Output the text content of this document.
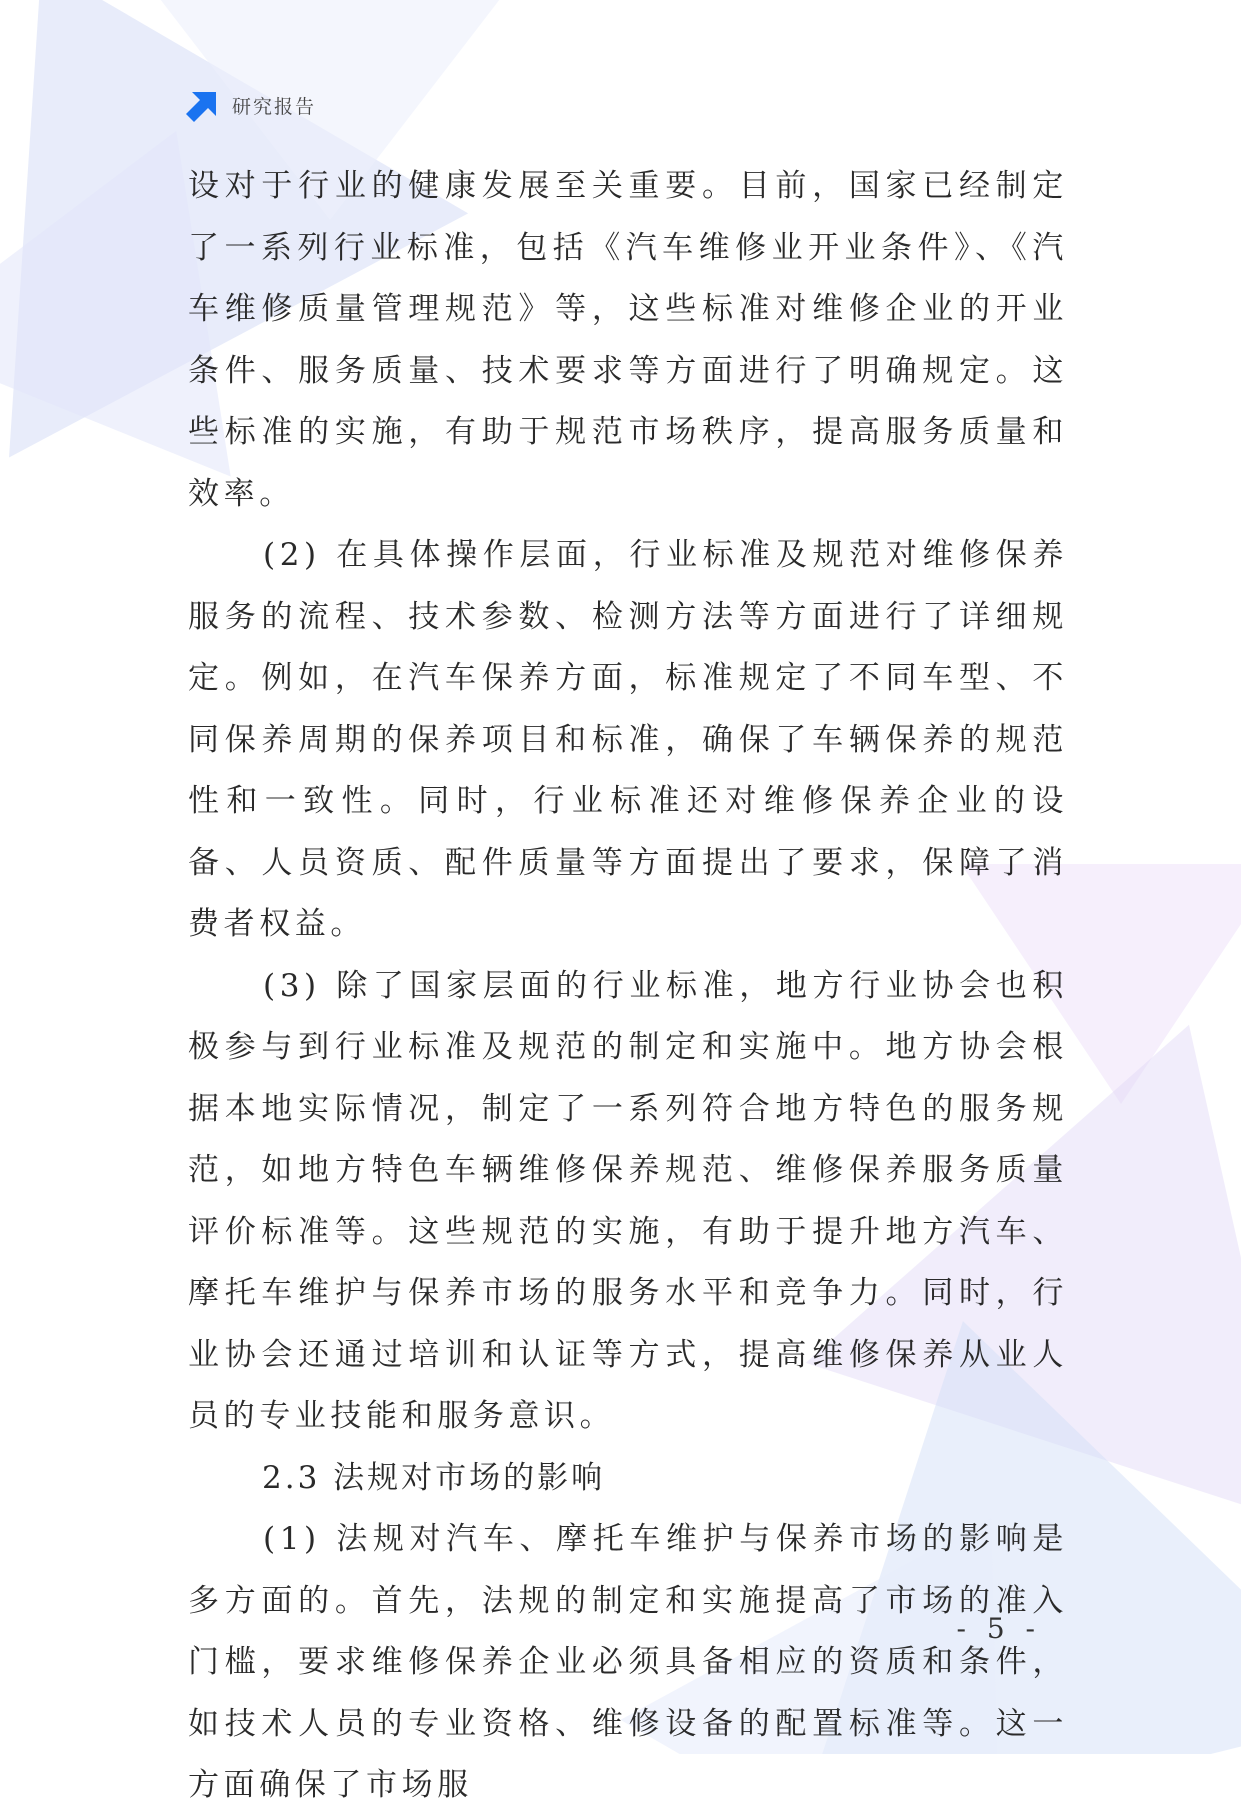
研究报告

设对于行业的健康发展至关重要。目前，国家已经制定了一系列行业标准，包括《汽车维修业开业条件》、《汽车维修质量管理规范》等，这些标准对维修企业的开业条件、服务质量、技术要求等方面进行了明确规定。这些标准的实施，有助于规范市场秩序，提高服务质量和效率。

(2) 在具体操作层面，行业标准及规范对维修保养服务的流程、技术参数、检测方法等方面进行了详细规定。例如，在汽车保养方面，标准规定了不同车型、不同保养周期的保养项目和标准，确保了车辆保养的规范性和一致性。同时，行业标准还对维修保养企业的设备、人员资质、配件质量等方面提出了要求，保障了消费者权益。

(3) 除了国家层面的行业标准，地方行业协会也积极参与到行业标准及规范的制定和实施中。地方协会根据本地实际情况，制定了一系列符合地方特色的服务规范，如地方特色车辆维修保养规范、维修保养服务质量评价标准等。这些规范的实施，有助于提升地方汽车、摩托车维护与保养市场的服务水平和竞争力。同时，行业协会还通过培训和认证等方式，提高维修保养从业人员的专业技能和服务意识。

2.3 法规对市场的影响

(1) 法规对汽车、摩托车维护与保养市场的影响是多方面的。首先，法规的制定和实施提高了市场的准入门槛，要求维修保养企业必须具备相应的资质和条件，如技术人员的专业资格、维修设备的配置标准等。这一方面确保了市场服

- 5 -
